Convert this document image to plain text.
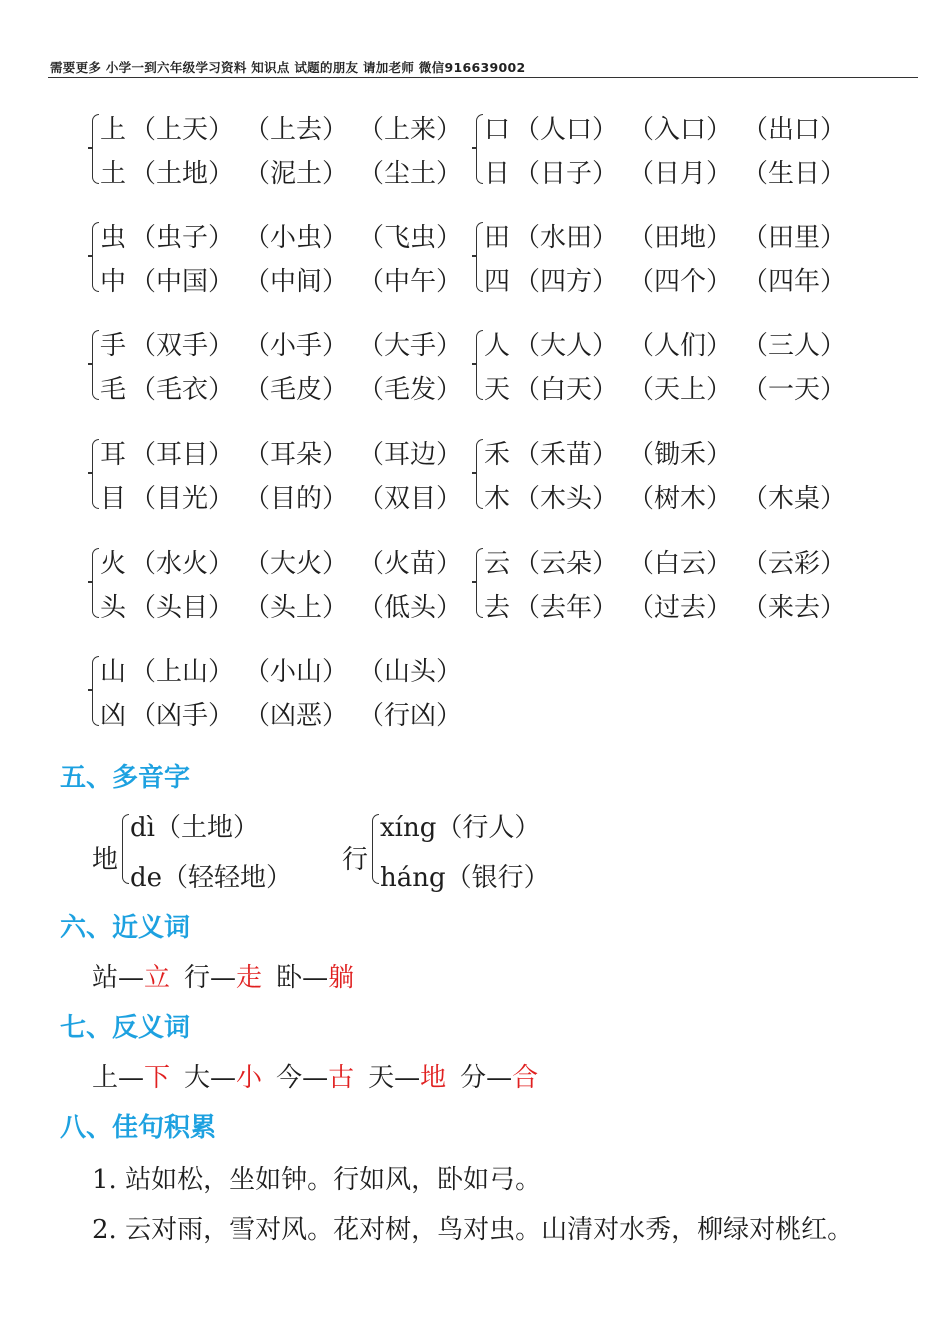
需要更多 小学一到六年级学习资料 知识点 试题的朋友 请加老师 微信916639002
上 （上天） （上去） （上来）
土 （土地） （泥土） （尘土）
口 （人口） （入口） （出口）
日 （日子） （日月） （生日）
虫 （虫子） （小虫） （飞虫）
中 （中国） （中间） （中午）
田 （水田） （田地） （田里）
四 （四方） （四个） （四年）
手 （双手） （小手） （大手）
毛 （毛衣） （毛皮） （毛发）
人 （大人） （人们） （三人）
天 （白天） （天上） （一天）
耳 （耳目） （耳朵） （耳边）
目 （目光） （目的） （双目）
禾 （禾苗） （锄禾）
木 （木头） （树木） （木桌）
火 （水火） （大火） （火苗）
头 （头目） （头上） （低头）
云 （云朵） （白云） （云彩）
去 （去年） （过去） （来去）
山 （上山） （小山） （山头）
凶 （凶手） （凶恶） （行凶）
五、多音字
地
dì（土地）
de（轻轻地）
行
xíng（行人）
háng（银行）
六、近义词
站—立 行—走 卧—躺
七、反义词
上—下 大—小 今—古 天—地 分—合
八、佳句积累
1. 站如松，坐如钟。行如风，卧如弓。
2. 云对雨，雪对风。花对树，鸟对虫。山清对水秀，柳绿对桃红。
